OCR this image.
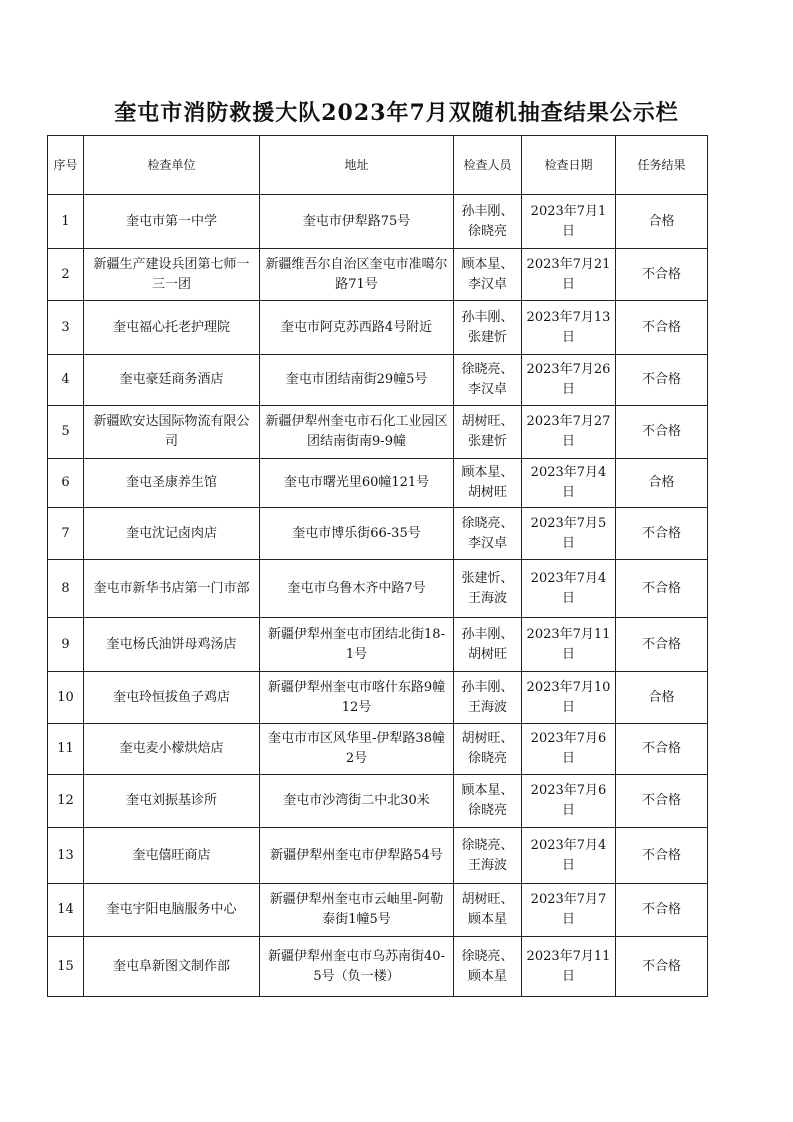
奎屯市消防救援大队2023年7月双随机抽查结果公示栏
序号	检查单位	地址	检查人员	检查日期	任务结果
1	奎屯市第一中学	奎屯市伊犁路75号	孙丰刚、徐晓亮	2023年7月1日	合格
2	新疆生产建设兵团第七师一三一团	新疆维吾尔自治区奎屯市准噶尔路71号	顾本星、李汉卓	2023年7月21日	不合格
3	奎屯福心托老护理院	奎屯市阿克苏西路4号附近	孙丰刚、张建忻	2023年7月13日	不合格
4	奎屯豪廷商务酒店	奎屯市团结南街29幢5号	徐晓亮、李汉卓	2023年7月26日	不合格
5	新疆欧安达国际物流有限公司	新疆伊犁州奎屯市石化工业园区团结南街南9-9幢	胡树旺、张建忻	2023年7月27日	不合格
6	奎屯圣康养生馆	奎屯市曙光里60幢121号	顾本星、胡树旺	2023年7月4日	合格
7	奎屯沈记卤肉店	奎屯市博乐街66-35号	徐晓亮、李汉卓	2023年7月5日	不合格
8	奎屯市新华书店第一门市部	奎屯市乌鲁木齐中路7号	张建忻、王海波	2023年7月4日	不合格
9	奎屯杨氏油饼母鸡汤店	新疆伊犁州奎屯市团结北街18-1号	孙丰刚、胡树旺	2023年7月11日	不合格
10	奎屯玲恒拔鱼子鸡店	新疆伊犁州奎屯市喀什东路9幢12号	孙丰刚、王海波	2023年7月10日	合格
11	奎屯麦小檬烘焙店	奎屯市市区风华里-伊犁路38幢2号	胡树旺、徐晓亮	2023年7月6日	不合格
12	奎屯刘振基诊所	奎屯市沙湾街二中北30米	顾本星、徐晓亮	2023年7月6日	不合格
13	奎屯僖旺商店	新疆伊犁州奎屯市伊犁路54号	徐晓亮、王海波	2023年7月4日	不合格
14	奎屯宇阳电脑服务中心	新疆伊犁州奎屯市云岫里-阿勒泰街1幢5号	胡树旺、顾本星	2023年7月7日	不合格
15	奎屯阜新图文制作部	新疆伊犁州奎屯市乌苏南街40-5号（负一楼）	徐晓亮、顾本星	2023年7月11日	不合格
